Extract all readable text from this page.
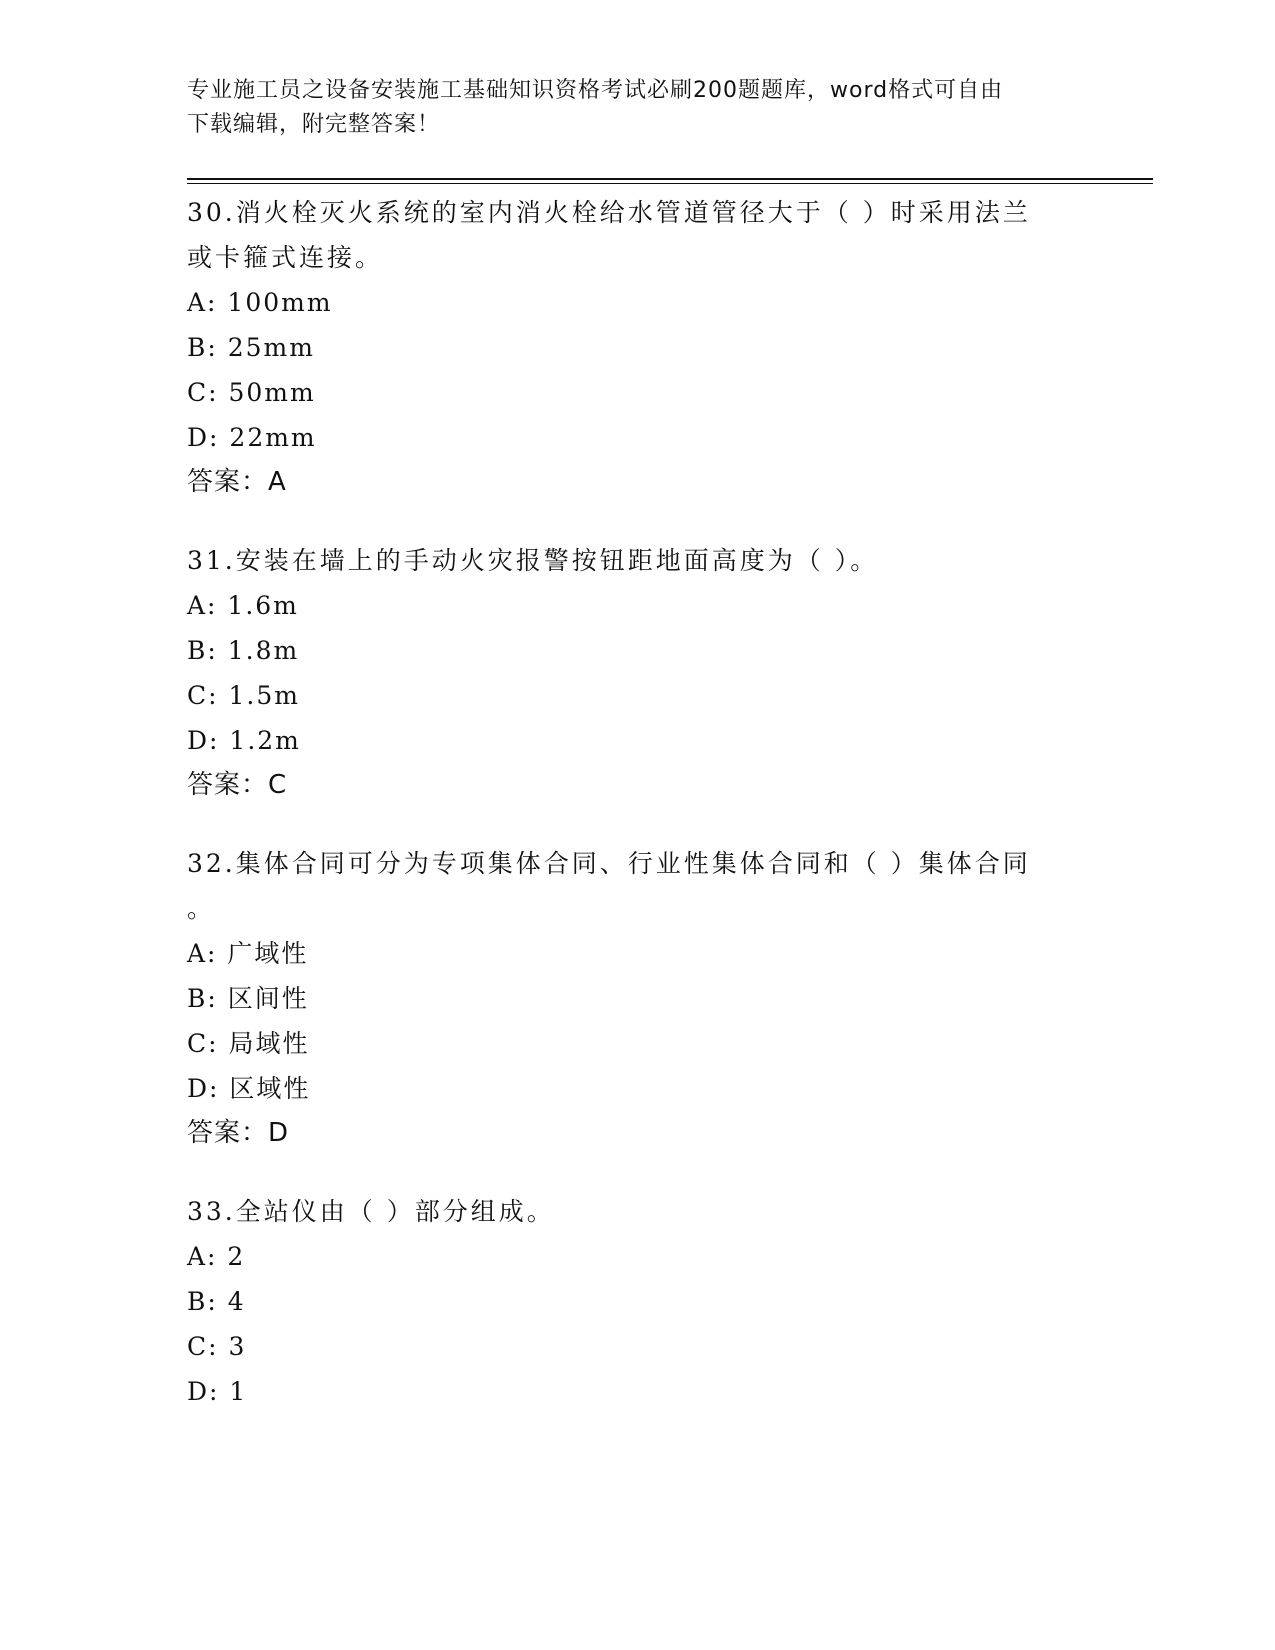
专业施工员之设备安装施工基础知识资格考试必刷200题题库，word格式可自由
下载编辑，附完整答案！

30.消火栓灭火系统的室内消火栓给水管道管径大于（ ）时采用法兰
或卡箍式连接。

A: 100mm
B: 25mm
C: 50mm
D: 22mm

答案：A

31.安装在墙上的手动火灾报警按钮距地面高度为（ ）。

A: 1.6m
B: 1.8m
C: 1.5m
D: 1.2m

答案：C

32.集体合同可分为专项集体合同、行业性集体合同和（ ）集体合同
。

A: 广域性
B: 区间性
C: 局域性
D: 区域性

答案：D

33.全站仪由（ ）部分组成。

A: 2
B: 4
C: 3
D: 1
